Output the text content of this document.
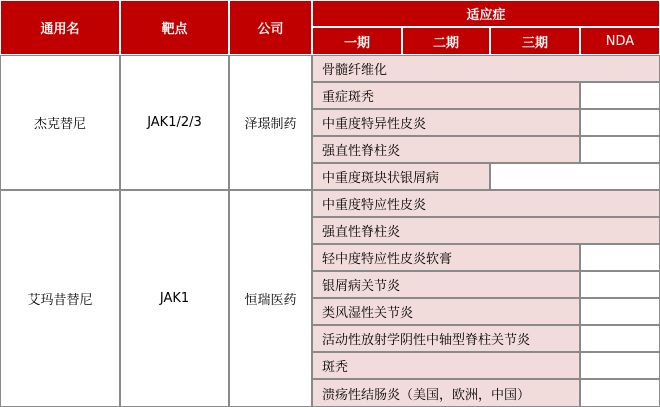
通用名	靶点	公司
适应症
一期	二期	三期	NDA
杰克替尼	JAK1/2/3	泽璟制药
骨髓纤维化
重症斑秃
中重度特异性皮炎
强直性脊柱炎
中重度斑块状银屑病
艾玛昔替尼	JAK1	恒瑞医药
中重度特应性皮炎
强直性脊柱炎
轻中度特应性皮炎软膏
银屑病关节炎
类风湿性关节炎
活动性放射学阴性中轴型脊柱关节炎
斑秃
溃疡性结肠炎（美国，欧洲，中国）
